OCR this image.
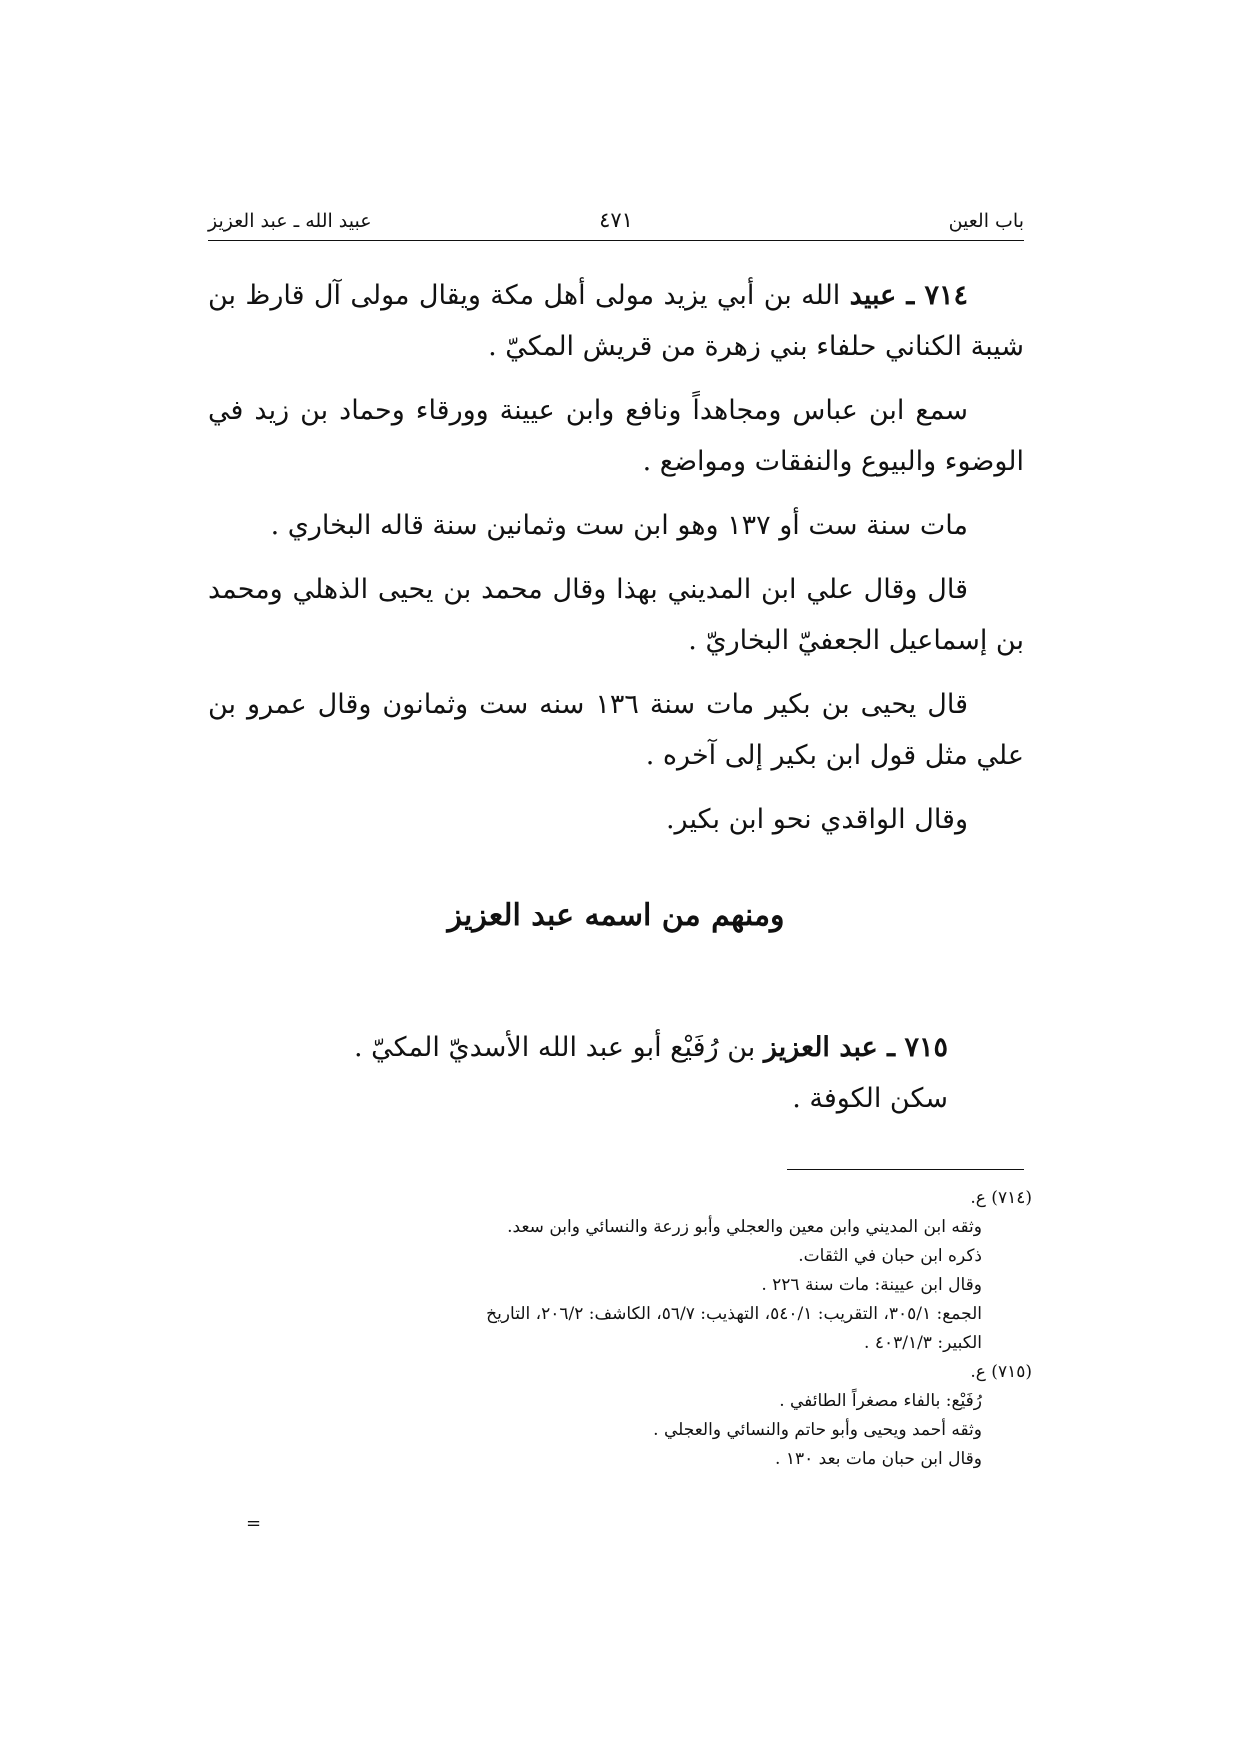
باب العين
٤٧١
عبيد الله ـ عبد العزيز

٧١٤ ـ عبيد الله بن أبي يزيد مولى أهل مكة ويقال مولى آل قارظ بن شيبة الكناني حلفاء بني زهرة من قريش المكيّ .

سمع ابن عباس ومجاهداً ونافع وابن عيينة وورقاء وحماد بن زيد في الوضوء والبيوع والنفقات ومواضع .

مات سنة ست أو ١٣٧ وهو ابن ست وثمانين سنة قاله البخاري .

قال وقال علي ابن المديني بهذا وقال محمد بن يحيى الذهلي ومحمد بن إسماعيل الجعفيّ البخاريّ .

قال يحيى بن بكير مات سنة ١٣٦ سنه ست وثمانون وقال عمرو بن علي مثل قول ابن بكير إلى آخره .

وقال الواقدي نحو ابن بكير.

ومنهم من اسمه عبد العزيز

٧١٥ ـ عبد العزيز بن رُفَيْع أبو عبد الله الأسديّ المكيّ .

سكن الكوفة .

(٧١٤) ع.

وثقه ابن المديني وابن معين والعجلي وأبو زرعة والنسائي وابن سعد.

ذكره ابن حبان في الثقات.

وقال ابن عيينة: مات سنة ٢٢٦ .

الجمع: ٣٠٥/١، التقريب: ٥٤٠/١، التهذيب: ٥٦/٧، الكاشف: ٢٠٦/٢، التاريخ

الكبير: ٤٠٣/١/٣ .

(٧١٥) ع.

رُفَيْع: بالفاء مصغراً الطائفي .

وثقه أحمد ويحيى وأبو حاتم والنسائي والعجلي .

وقال ابن حبان مات بعد ١٣٠ .

=
